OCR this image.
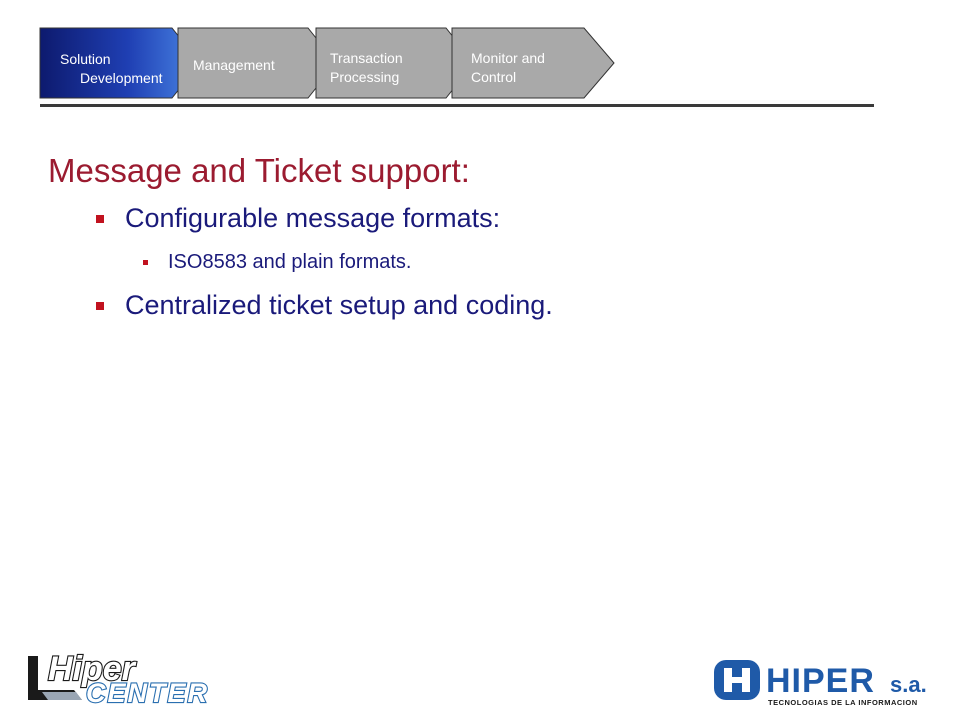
Solution
Development
Management	Transaction
Processing
Monitor and
Control
Message and Ticket support:
Configurable message formats:
ISO8583 and plain formats.
Centralized ticket setup and coding.
Hiper
CENTER	HIPER s.a.
TECNOLOGIAS DE LA INFORMACION
